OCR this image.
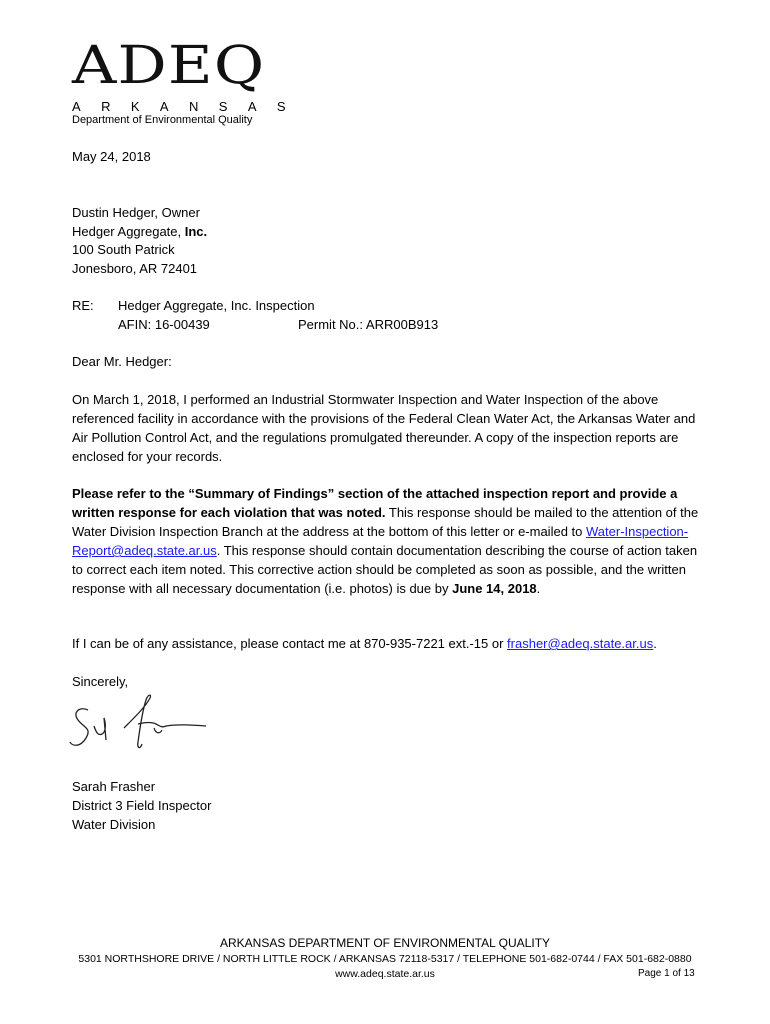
ADEQ
ARKANSAS
Department of Environmental Quality
May 24, 2018
Dustin Hedger, Owner
Hedger Aggregate, Inc.
100 South Patrick
Jonesboro, AR 72401
RE: Hedger Aggregate, Inc. Inspection
AFIN: 16-00439	Permit No.: ARR00B913
Dear Mr. Hedger:
On March 1, 2018, I performed an Industrial Stormwater Inspection and Water Inspection of the above referenced facility in accordance with the provisions of the Federal Clean Water Act, the Arkansas Water and Air Pollution Control Act, and the regulations promulgated thereunder. A copy of the inspection reports are enclosed for your records.
Please refer to the “Summary of Findings” section of the attached inspection report and provide a written response for each violation that was noted. This response should be mailed to the attention of the Water Division Inspection Branch at the address at the bottom of this letter or e-mailed to Water-Inspection-Report@adeq.state.ar.us. This response should contain documentation describing the course of action taken to correct each item noted. This corrective action should be completed as soon as possible, and the written response with all necessary documentation (i.e. photos) is due by June 14, 2018.
If I can be of any assistance, please contact me at 870-935-7221 ext.-15 or frasher@adeq.state.ar.us.
Sincerely,
Sarah Frasher
District 3 Field Inspector
Water Division
ARKANSAS DEPARTMENT OF ENVIRONMENTAL QUALITY
5301 NORTHSHORE DRIVE / NORTH LITTLE ROCK / ARKANSAS 72118-5317 / TELEPHONE 501-682-0744 / FAX 501-682-0880
www.adeq.state.ar.us	Page 1 of 13
